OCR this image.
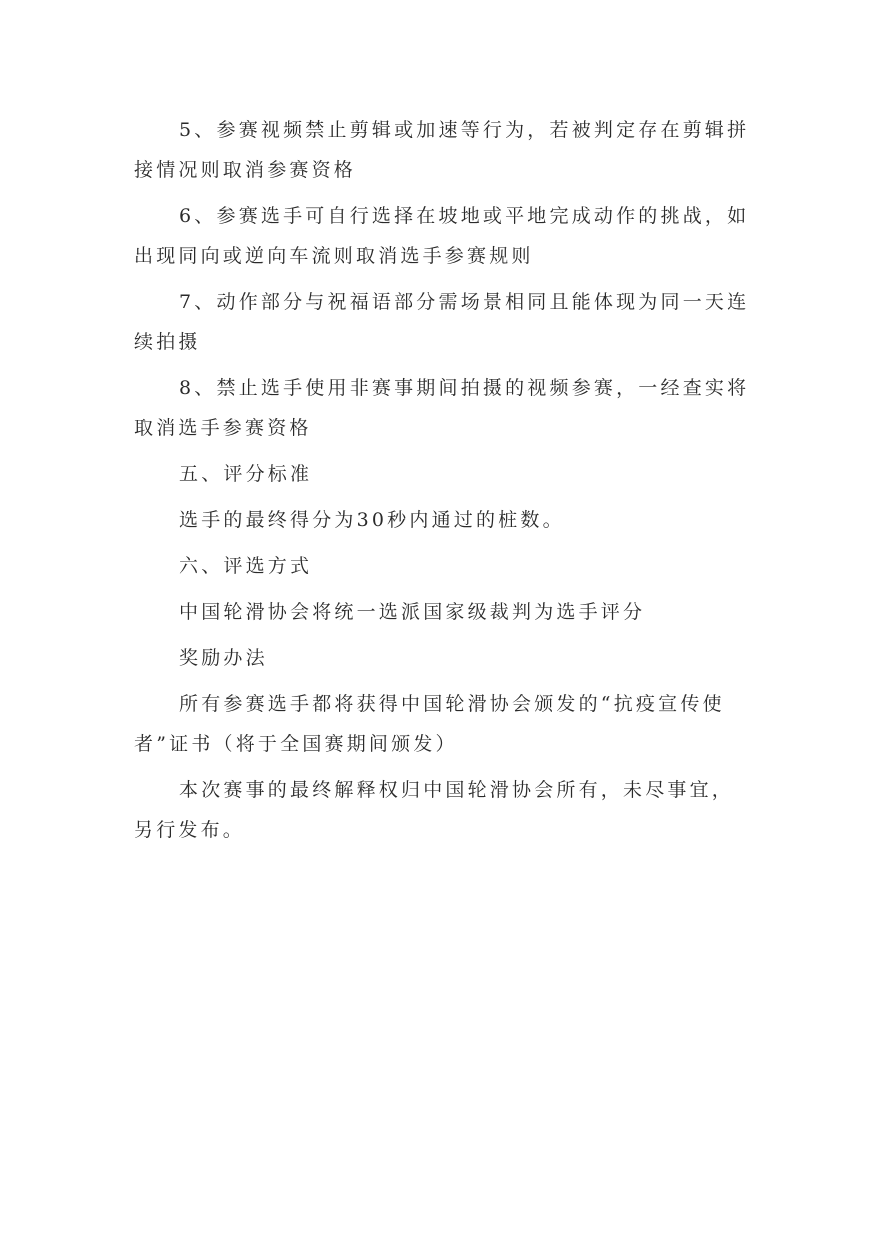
5、参赛视频禁止剪辑或加速等行为，若被判定存在剪辑拼接情况则取消参赛资格

6、参赛选手可自行选择在坡地或平地完成动作的挑战，如出现同向或逆向车流则取消选手参赛规则

7、动作部分与祝福语部分需场景相同且能体现为同一天连续拍摄

8、禁止选手使用非赛事期间拍摄的视频参赛，一经查实将取消选手参赛资格

五、评分标准

选手的最终得分为30秒内通过的桩数。

六、评选方式

中国轮滑协会将统一选派国家级裁判为选手评分

奖励办法

所有参赛选手都将获得中国轮滑协会颁发的“抗疫宣传使者”证书（将于全国赛期间颁发）

本次赛事的最终解释权归中国轮滑协会所有，未尽事宜，另行发布。
